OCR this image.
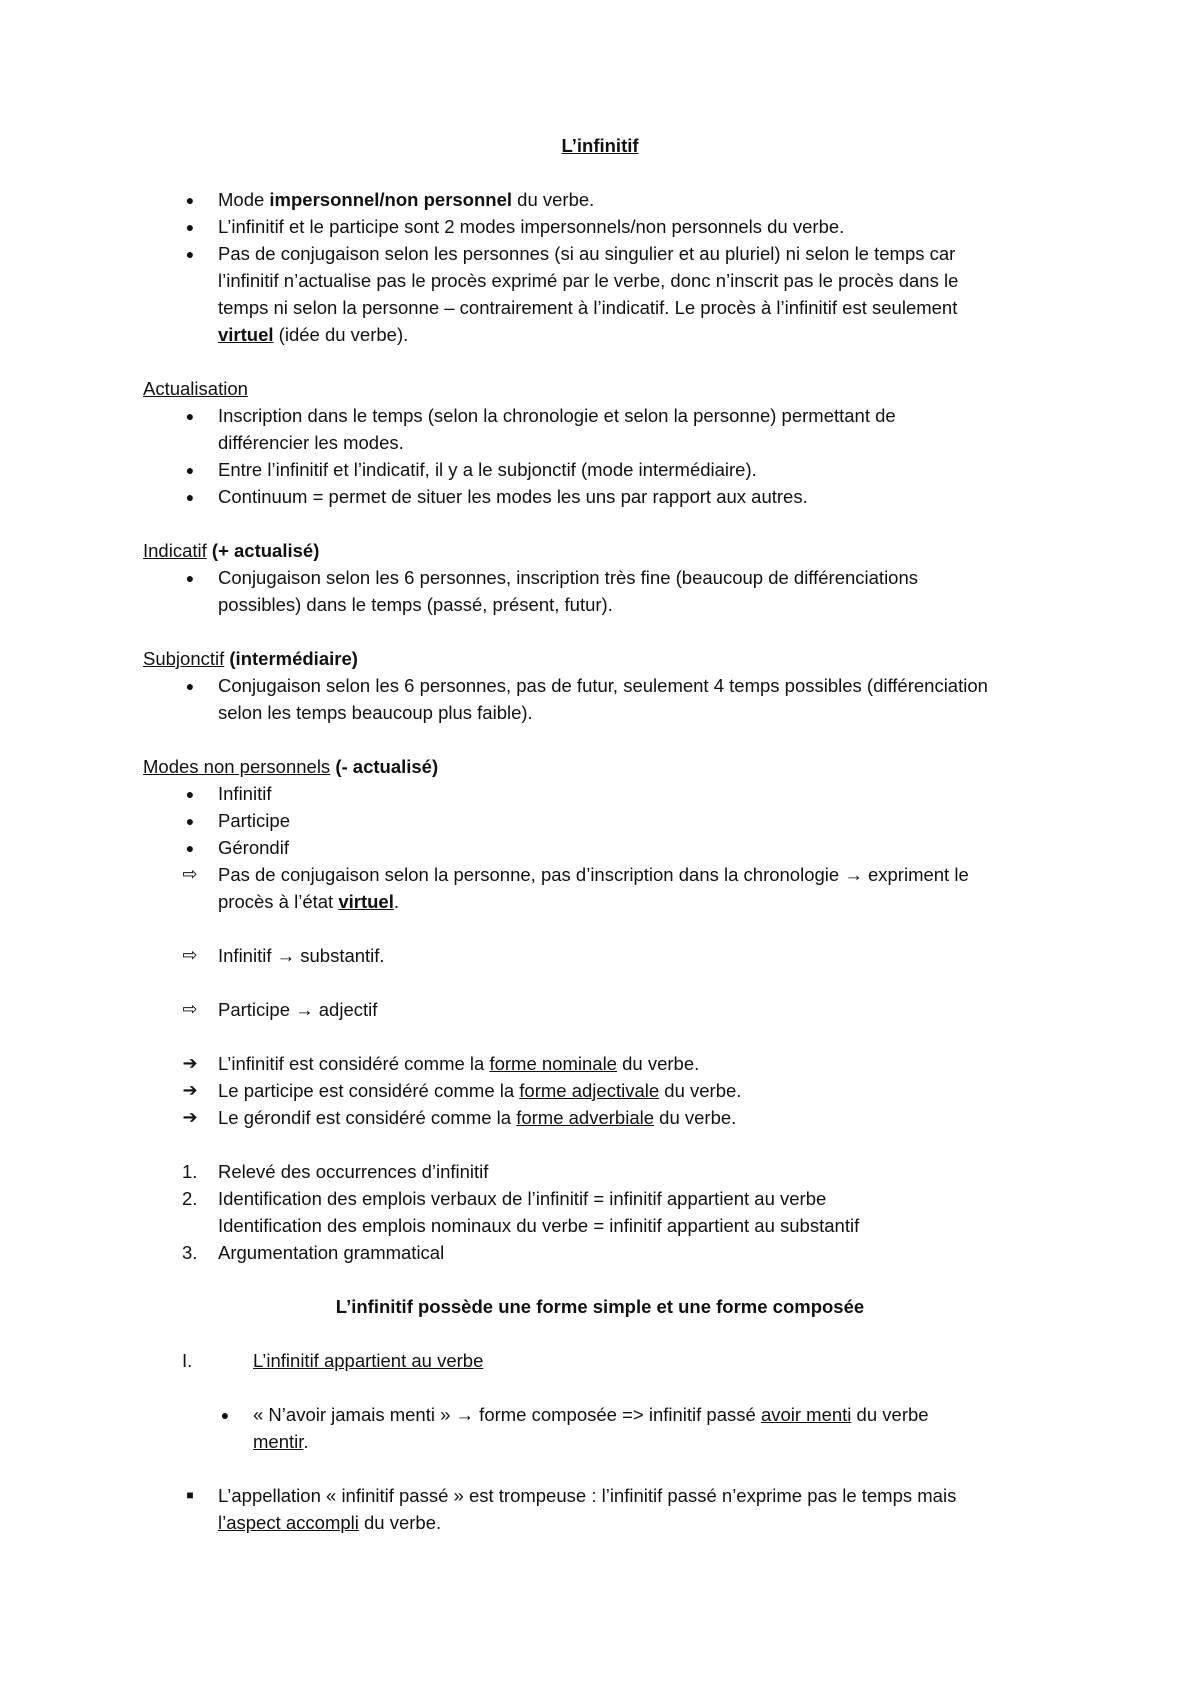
L’infinitif
●	Mode impersonnel/non personnel du verbe.
●	L’infinitif et le participe sont 2 modes impersonnels/non personnels du verbe.
●	Pas de conjugaison selon les personnes (si au singulier et au pluriel) ni selon le temps car
l’infinitif n’actualise pas le procès exprimé par le verbe, donc n’inscrit pas le procès dans le
temps ni selon la personne – contrairement à l’indicatif. Le procès à l’infinitif est seulement
virtuel (idée du verbe).
Actualisation
●	Inscription dans le temps (selon la chronologie et selon la personne) permettant de
différencier les modes.
●	Entre l’infinitif et l’indicatif, il y a le subjonctif (mode intermédiaire).
●	Continuum = permet de situer les modes les uns par rapport aux autres.
Indicatif (+ actualisé)
●	Conjugaison selon les 6 personnes, inscription très fine (beaucoup de différenciations
possibles) dans le temps (passé, présent, futur).
Subjonctif (intermédiaire)
●	Conjugaison selon les 6 personnes, pas de futur, seulement 4 temps possibles (différenciation
selon les temps beaucoup plus faible).
Modes non personnels (- actualisé)
●	Infinitif
●	Participe
●	Gérondif
⇨ Pas de conjugaison selon la personne, pas d’inscription dans la chronologie → expriment le
procès à l’état virtuel.
⇨ Infinitif → substantif.
⇨ Participe → adjectif
➔ L’infinitif est considéré comme la forme nominale du verbe.
➔ Le participe est considéré comme la forme adjectivale du verbe.
➔ Le gérondif est considéré comme la forme adverbiale du verbe.
1. Relevé des occurrences d’infinitif
2. Identification des emplois verbaux de l’infinitif = infinitif appartient au verbe
Identification des emplois nominaux du verbe = infinitif appartient au substantif
3. Argumentation grammatical
L’infinitif possède une forme simple et une forme composée
I.	L’infinitif appartient au verbe
●	« N’avoir jamais menti » → forme composée => infinitif passé avoir menti du verbe
mentir.
■	L’appellation « infinitif passé » est trompeuse : l’infinitif passé n’exprime pas le temps mais
l’aspect accompli du verbe.
